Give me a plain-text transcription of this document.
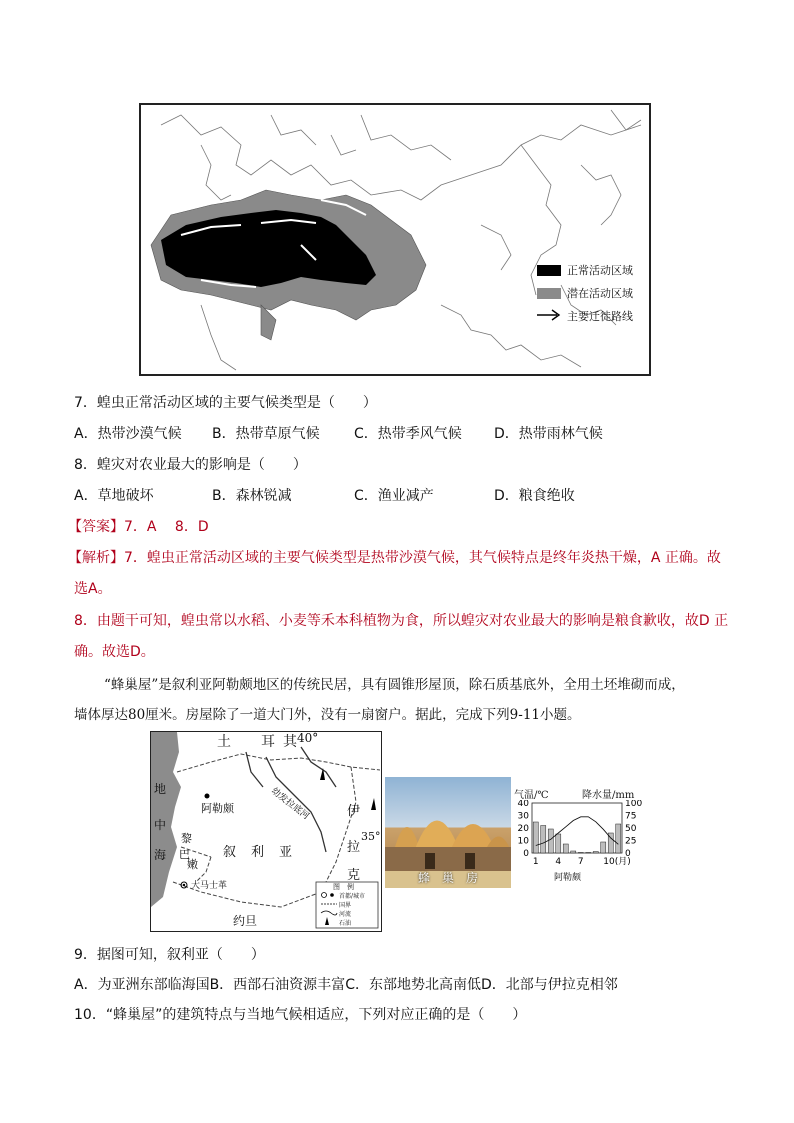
正常活动区域
潜在活动区域
主要迁徙路线
7．蝗虫正常活动区域的主要气候类型是（　　）
A．热带沙漠气候 B．热带草原气候 C．热带季风气候 D．热带雨林气候
8．蝗灾对农业最大的影响是（　　）
A．草地破坏	B．森林锐减	C．渔业减产	D．粮食绝收
【答案】7．A　 8．D
【解析】7．蝗虫正常活动区域的主要气候类型是热带沙漠气候，其气候特点是终年炎热干燥，A 正确。故
选A。
8．由题干可知，蝗虫常以水稻、小麦等禾本科植物为食，所以蝗灾对农业最大的影响是粮食歉收，故D 正
确。故选D。
“蜂巢屋”是叙利亚阿勒颇地区的传统民居，具有圆锥形屋顶，除石质基底外，全用土坯堆砌而成，
墙体厚达80厘米。房屋除了一道大门外，没有一扇窗户。据此，完成下列9-11小题。
土 耳 其 40°
地
中
海
黎
巴
嫩
阿勒颇
大马士革
叙 利 亚
伊
拉
35°
克
约旦
幼发拉底河
图　例
首都/城市
国界
河流
石油
蜂　巢　房
气温/℃	降水量/mm
40
30
20
10
0
100
75
50
25
0
1 4 7 10(月)
阿勒颇
9．据图可知，叙利亚（　　）
A．为亚洲东部临海国B．西部石油资源丰富C．东部地势北高南低D．北部与伊拉克相邻
10．“蜂巢屋”的建筑特点与当地气候相适应，下列对应正确的是（　　）
